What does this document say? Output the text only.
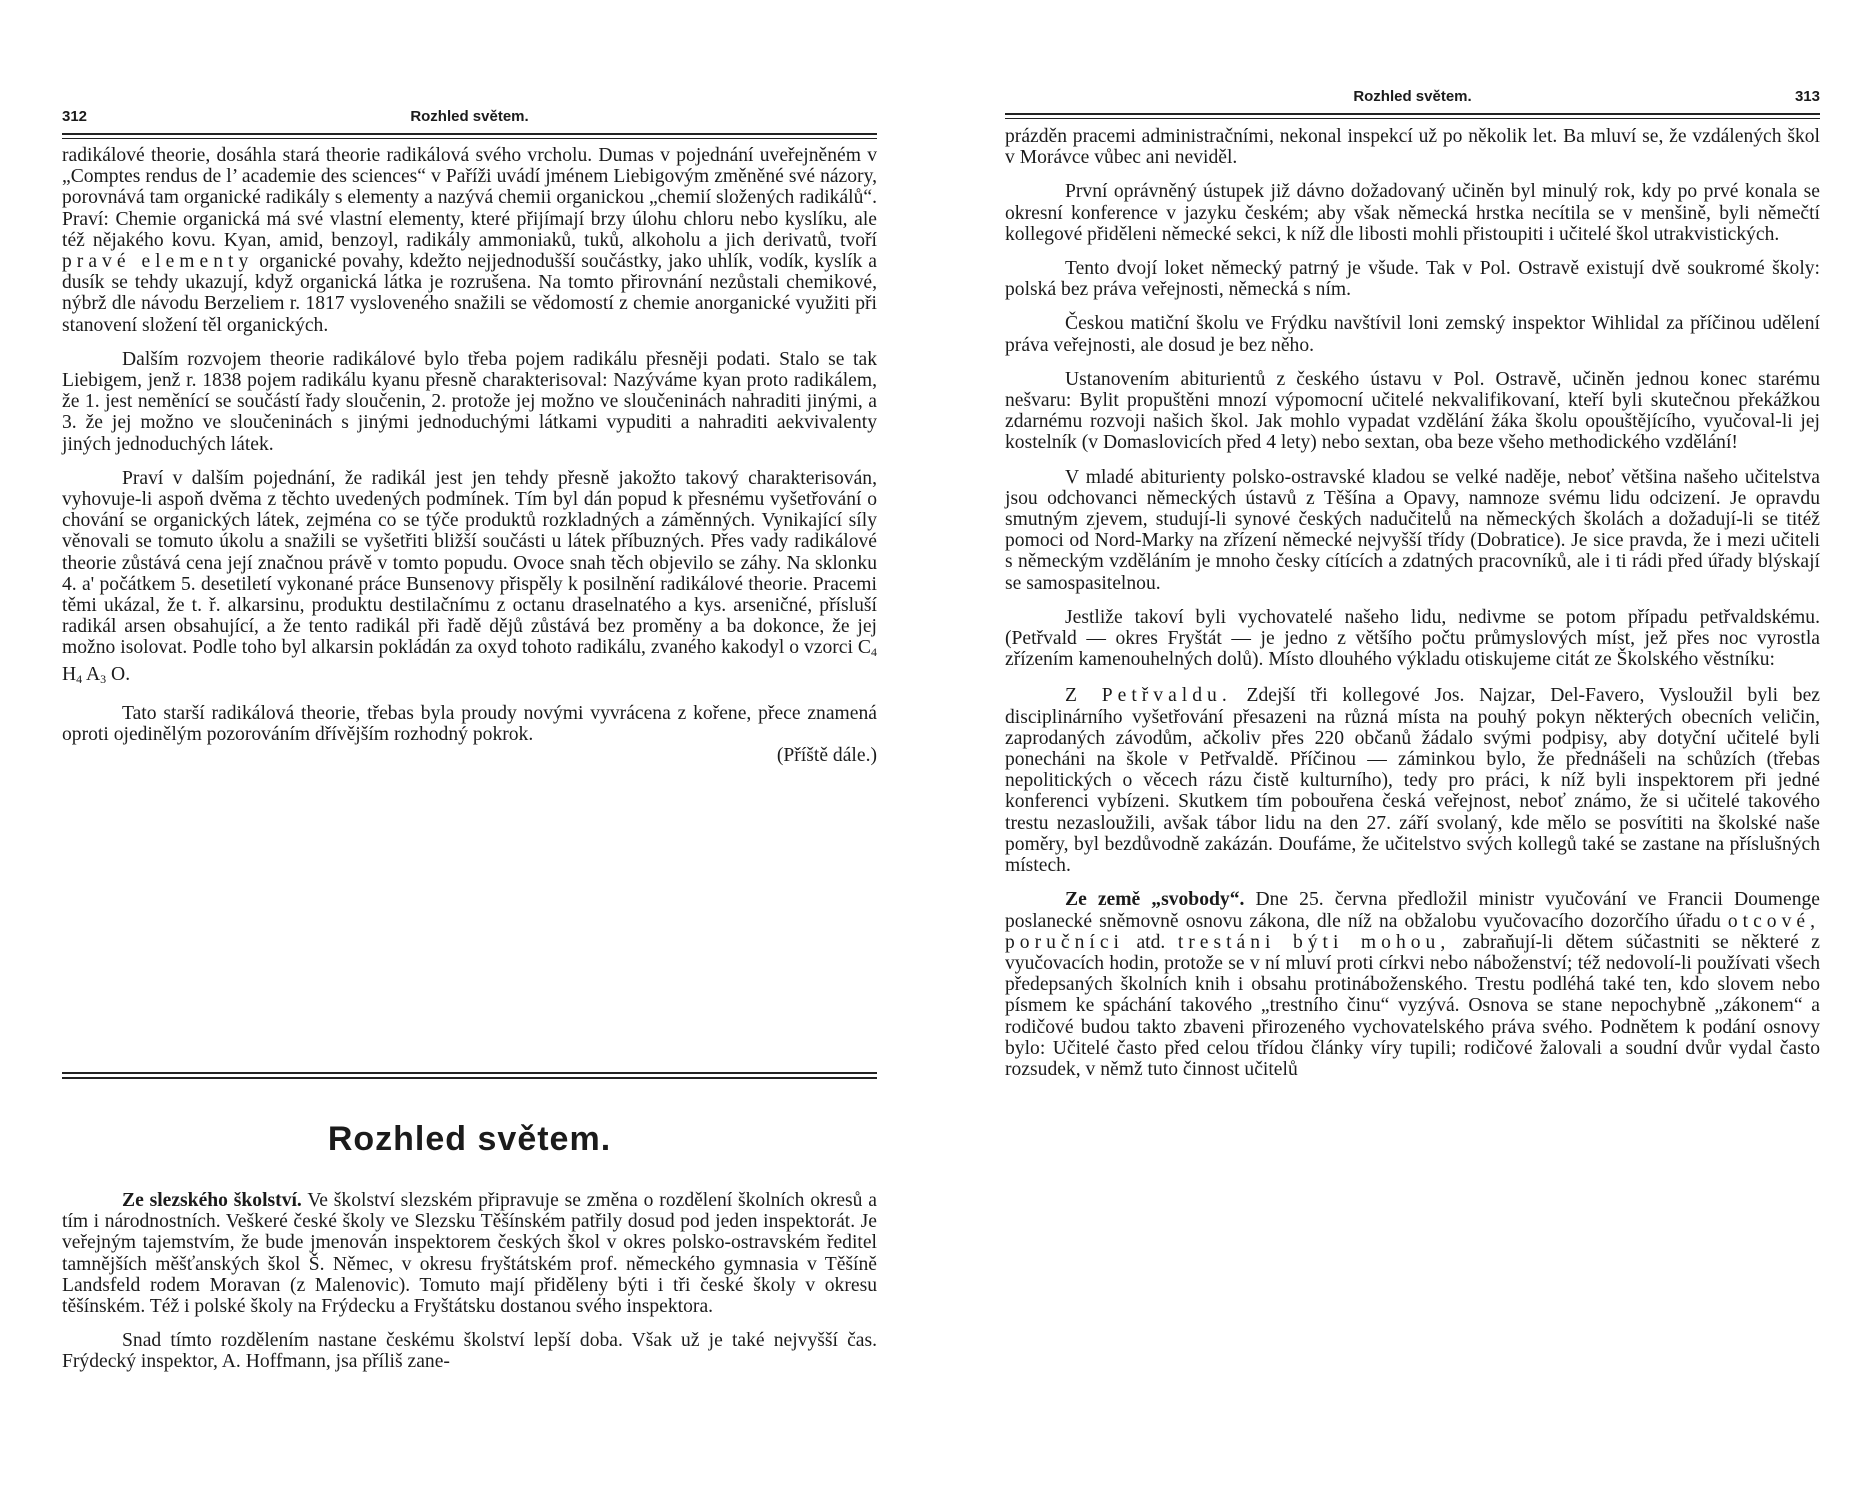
312	Rozhled světem.

radikálové theorie, dosáhla stará theorie radikálová svého vrcholu. Dumas v pojednání uveřejněném v „Comptes rendus de l’ academie des sciences“ v Paříži uvádí jménem Liebigovým změněné své názory, porovnává tam organické radikály s elementy a nazývá chemii organickou „chemií složených radikálů“. Praví: Chemie organická má své vlastní elementy, které přijímají brzy úlohu chloru nebo kyslíku, ale též nějakého kovu. Kyan, amid, benzoyl, radikály ammoniaků, tuků, alkoholu a jich derivatů, tvoří pravé elementy organické povahy, kdežto nejjednodušší součástky, jako uhlík, vodík, kyslík a dusík se tehdy ukazují, když organická látka je rozrušena. Na tomto přirovnání nezůstali chemikové, nýbrž dle návodu Berzeliem r. 1817 vysloveného snažili se vědomostí z chemie anorganické využiti při stanovení složení těl organických.

Dalším rozvojem theorie radikálové bylo třeba pojem radikálu přesněji podati. Stalo se tak Liebigem, jenž r. 1838 pojem radikálu kyanu přesně charakterisoval: Nazýváme kyan proto radikálem, že 1. jest neměnící se součástí řady sloučenin, 2. protože jej možno ve sloučeninách nahraditi jinými, a 3. že jej možno ve sloučeninách s jinými jednoduchými látkami vypuditi a nahraditi aekvivalenty jiných jednoduchých látek.

Praví v dalším pojednání, že radikál jest jen tehdy přesně jakožto takový charakterisován, vyhovuje-li aspoň dvěma z těchto uvedených podmínek. Tím byl dán popud k přesnému vyšetřování o chování se organických látek, zejména co se týče produktů rozkladných a záměnných. Vynikající síly věnovali se tomuto úkolu a snažili se vyšetřiti bližší součásti u látek příbuzných. Přes vady radikálové theorie zůstává cena její značnou právě v tomto popudu. Ovoce snah těch objevilo se záhy. Na sklonku 4. a' počátkem 5. desetiletí vykonané práce Bunsenovy přispěly k posilnění radikálové theorie. Pracemi těmi ukázal, že t. ř. alkarsinu, produktu destilačnímu z octanu draselnatého a kys. arseničné, přísluší radikál arsen obsahující, a že tento radikál při řadě dějů zůstává bez proměny a ba dokonce, že jej možno isolovat. Podle toho byl alkarsin pokládán za oxyd tohoto radikálu, zvaného kakodyl o vzorci $C_4$ $H_4$ $A_3$ O.

Tato starší radikálová theorie, třebas byla proudy novými vyvrácena z kořene, přece znamená oproti ojedinělým pozorováním dřívějším rozhodný pokrok.
(Příště dále.)

Rozhled světem.

Ze slezského školství. Ve školství slezském připravuje se změna o rozdělení školních okresů a tím i národnostních. Veškeré české školy ve Slezsku Těšínském patřily dosud pod jeden inspektorát. Je veřejným tajemstvím, že bude jmenován inspektorem českých škol v okres polsko-ostravském ředitel tamnějších měšťanských škol Š. Němec, v okresu fryštátském prof. německého gymnasia v Těšíně Landsfeld rodem Moravan (z Malenovic). Tomuto mají přiděleny býti i tři české školy v okresu těšínském. Též i polské školy na Frýdecku a Fryštátsku dostanou svého inspektora.

Snad tímto rozdělením nastane českému školství lepší doba. Však už je také nejvyšší čas. Frýdecký inspektor, A. Hoffmann, jsa příliš zane-

Rozhled světem.	313

prázděn pracemi administračními, nekonal inspekcí už po několik let. Ba mluví se, že vzdálených škol v Morávce vůbec ani neviděl.

První oprávněný ústupek již dávno dožadovaný učiněn byl minulý rok, kdy po prvé konala se okresní konference v jazyku českém; aby však německá hrstka necítila se v menšině, byli němečtí kollegové přiděleni německé sekci, k níž dle libosti mohli přistoupiti i učitelé škol utrakvistických.

Tento dvojí loket německý patrný je všude. Tak v Pol. Ostravě existují dvě soukromé školy: polská bez práva veřejnosti, německá s ním.

Českou matiční školu ve Frýdku navštívil loni zemský inspektor Wihlidal za příčinou udělení práva veřejnosti, ale dosud je bez něho.

Ustanovením abiturientů z českého ústavu v Pol. Ostravě, učiněn jednou konec starému nešvaru: Bylit propuštěni mnozí výpomocní učitelé nekvalifikovaní, kteří byli skutečnou překážkou zdarnému rozvoji našich škol. Jak mohlo vypadat vzdělání žáka školu opouštějícího, vyučoval-li jej kostelník (v Domaslovicích před 4 lety) nebo sextan, oba beze všeho methodického vzdělání!

V mladé abiturienty polsko-ostravské kladou se velké naděje, neboť většina našeho učitelstva jsou odchovanci německých ústavů z Těšína a Opavy, namnoze svému lidu odcizení. Je opravdu smutným zjevem, studují-li synové českých nadučitelů na německých školách a dožadují-li se titéž pomoci od Nord-Marky na zřízení německé nejvyšší třídy (Dobratice). Je sice pravda, že i mezi učiteli s německým vzděláním je mnoho česky cítících a zdatných pracovníků, ale i ti rádi před úřady blýskají se samospasitelnou.

Jestliže takoví byli vychovatelé našeho lidu, nedivme se potom případu petřvaldskému. (Petřvald — okres Fryštát — je jedno z většího počtu průmyslových míst, jež přes noc vyrostla zřízením kamenouhelných dolů). Místo dlouhého výkladu otiskujeme citát ze Školského věstníku:

Z Petřvaldu. Zdejší tři kollegové Jos. Najzar, Del-Favero, Vysloužil byli bez disciplinárního vyšetřování přesazeni na různá místa na pouhý pokyn některých obecních veličin, zaprodaných závodům, ačkoliv přes 220 občanů žádalo svými podpisy, aby dotyční učitelé byli ponecháni na škole v Petřvaldě. Příčinou — záminkou bylo, že přednášeli na schůzích (třebas nepolitických o věcech rázu čistě kulturního), tedy pro práci, k níž byli inspektorem při jedné konferenci vybízeni. Skutkem tím pobouřena česká veřejnost, neboť známo, že si učitelé takového trestu nezasloužili, avšak tábor lidu na den 27. září svolaný, kde mělo se posvítiti na školské naše poměry, byl bezdůvodně zakázán. Doufáme, že učitelstvo svých kollegů také se zastane na příslušných místech.

Ze země „svobody“. Dne 25. června předložil ministr vyučování ve Francii Doumenge poslanecké sněmovně osnovu zákona, dle níž na obžalobu vyučovacího dozorčího úřadu otcové, poručníci atd. trestáni býti mohou, zabraňují-li dětem súčastniti se některé z vyučovacích hodin, protože se v ní mluví proti církvi nebo náboženství; též nedovolí-li používati všech předepsaných školních knih i obsahu protináboženského. Trestu podléhá také ten, kdo slovem nebo písmem ke spáchání takového „trestního činu“ vyzývá. Osnova se stane nepochybně „zákonem“ a rodičové budou takto zbaveni přirozeného vychovatelského práva svého. Podnětem k podání osnovy bylo: Učitelé často před celou třídou články víry tupili; rodičové žalovali a soudní dvůr vydal často rozsudek, v němž tuto činnost učitelů
